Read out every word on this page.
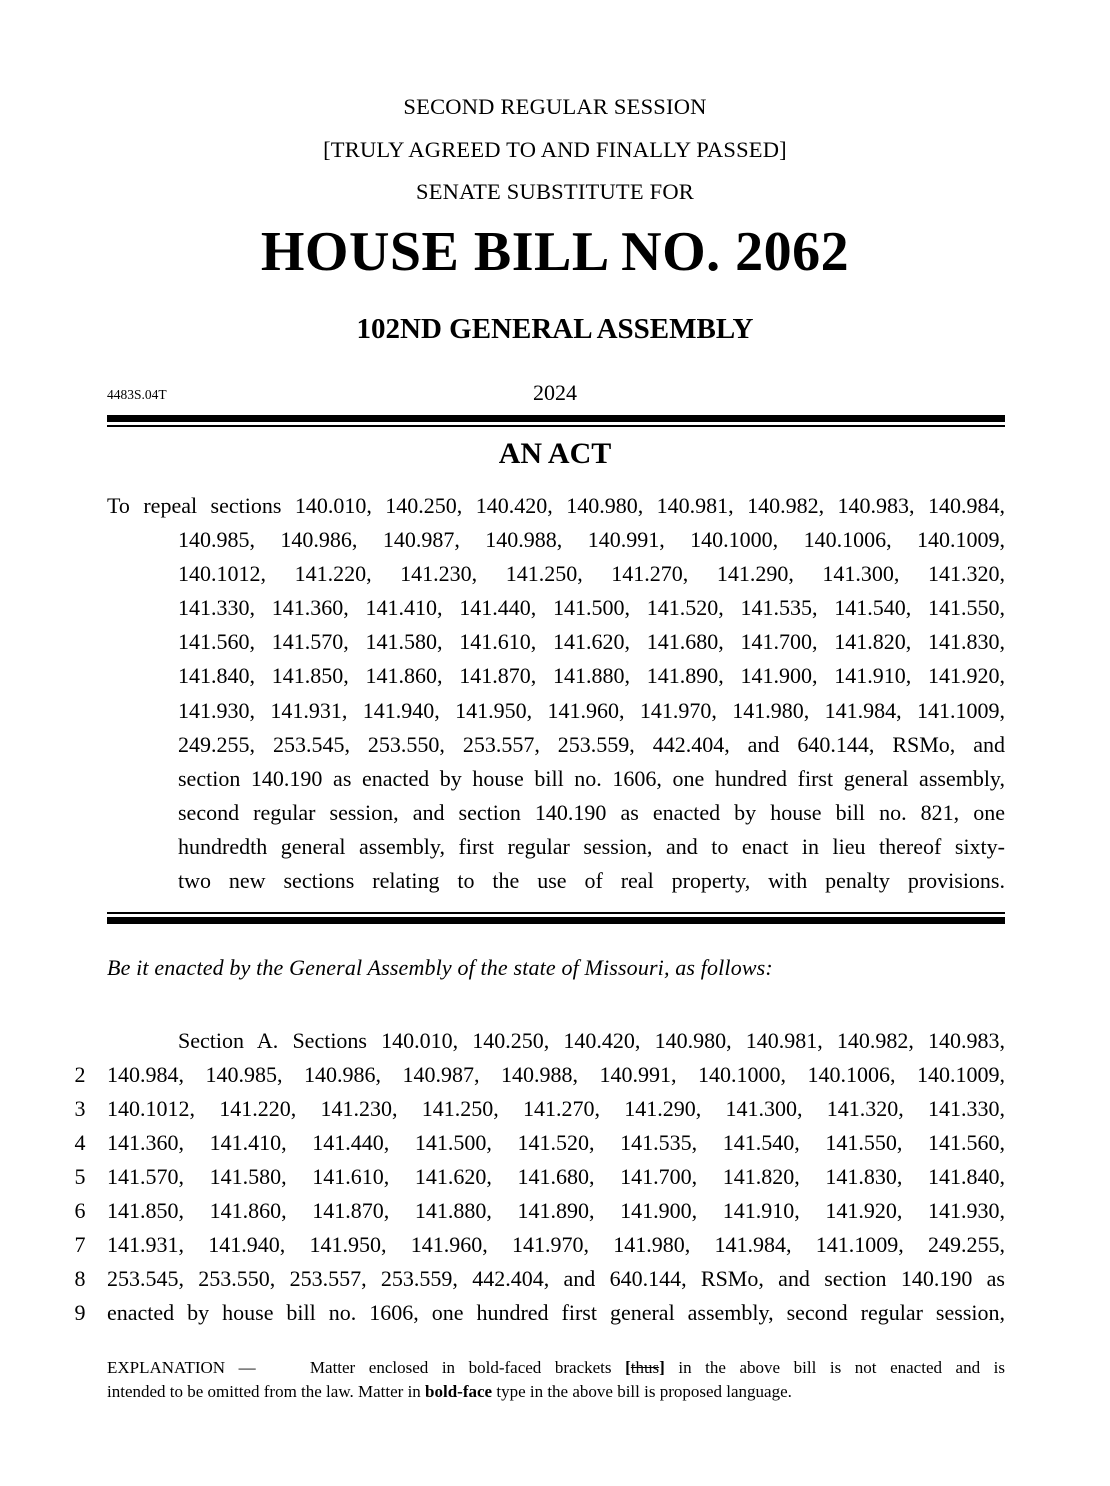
SECOND REGULAR SESSION
[TRULY AGREED TO AND FINALLY PASSED]
SENATE SUBSTITUTE FOR
HOUSE BILL NO. 2062
102ND GENERAL ASSEMBLY
4483S.04T	2024
AN ACT
To repeal sections 140.010, 140.250, 140.420, 140.980, 140.981, 140.982, 140.983, 140.984,
140.985, 140.986, 140.987, 140.988, 140.991, 140.1000, 140.1006, 140.1009,
140.1012, 141.220, 141.230, 141.250, 141.270, 141.290, 141.300, 141.320,
141.330, 141.360, 141.410, 141.440, 141.500, 141.520, 141.535, 141.540, 141.550,
141.560, 141.570, 141.580, 141.610, 141.620, 141.680, 141.700, 141.820, 141.830,
141.840, 141.850, 141.860, 141.870, 141.880, 141.890, 141.900, 141.910, 141.920,
141.930, 141.931, 141.940, 141.950, 141.960, 141.970, 141.980, 141.984, 141.1009,
249.255, 253.545, 253.550, 253.557, 253.559, 442.404, and 640.144, RSMo, and
section 140.190 as enacted by house bill no. 1606, one hundred first general assembly,
second regular session, and section 140.190 as enacted by house bill no. 821, one
hundredth general assembly, first regular session, and to enact in lieu thereof sixty-
two new sections relating to the use of real property, with penalty provisions.
Be it enacted by the General Assembly of the state of Missouri, as follows:
Section A. Sections 140.010, 140.250, 140.420, 140.980, 140.981, 140.982, 140.983,
2 140.984, 140.985, 140.986, 140.987, 140.988, 140.991, 140.1000, 140.1006, 140.1009,
3 140.1012, 141.220, 141.230, 141.250, 141.270, 141.290, 141.300, 141.320, 141.330,
4 141.360, 141.410, 141.440, 141.500, 141.520, 141.535, 141.540, 141.550, 141.560,
5 141.570, 141.580, 141.610, 141.620, 141.680, 141.700, 141.820, 141.830, 141.840,
6 141.850, 141.860, 141.870, 141.880, 141.890, 141.900, 141.910, 141.920, 141.930,
7 141.931, 141.940, 141.950, 141.960, 141.970, 141.980, 141.984, 141.1009, 249.255,
8 253.545, 253.550, 253.557, 253.559, 442.404, and 640.144, RSMo, and section 140.190 as
9 enacted by house bill no. 1606, one hundred first general assembly, second regular session,
EXPLANATION —	Matter enclosed in bold-faced brackets [thus] in the above bill is not enacted and is
intended to be omitted from the law. Matter in bold-face type in the above bill is proposed language.
